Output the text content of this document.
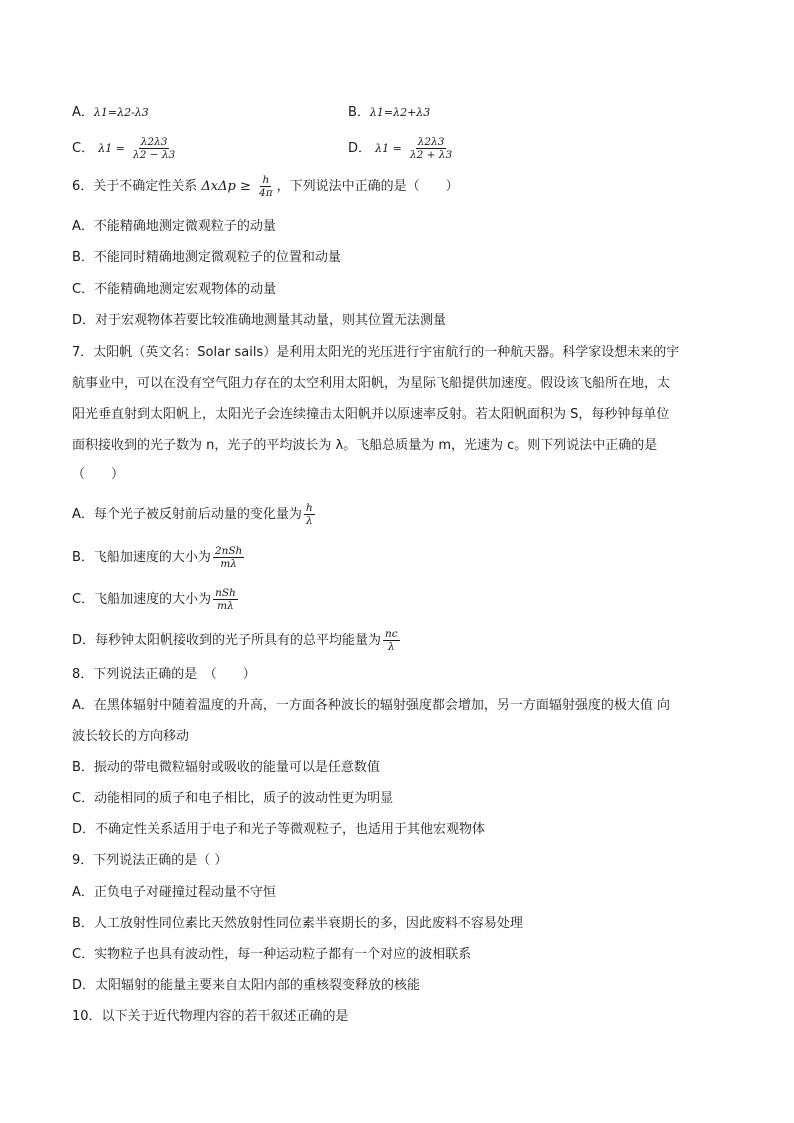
A．λ1=λ2-λ3	B．λ1=λ2+λ3
C． $\lambda 1 = \frac{\lambda 2\lambda 3}{\lambda 2 - \lambda 3}$	D． $\lambda 1 = \frac{\lambda 2\lambda 3}{\lambda 2 + \lambda 3}$
6．关于不确定性关系 $\Delta x\Delta p \ge \frac{h}{4\pi}$ ，下列说法中正确的是（　　）
A．不能精确地测定微观粒子的动量
B．不能同时精确地测定微观粒子的位置和动量
C．不能精确地测定宏观物体的动量
D．对于宏观物体若要比较准确地测量其动量，则其位置无法测量
7．太阳帆（英文名：Solar sails）是利用太阳光的光压进行宇宙航行的一种航天器。科学家设想未来的宇
航事业中，可以在没有空气阻力存在的太空利用太阳帆，为星际飞船提供加速度。假设该飞船所在地，太
阳光垂直射到太阳帆上，太阳光子会连续撞击太阳帆并以原速率反射。若太阳帆面积为 S，每秒钟每单位
面积接收到的光子数为 n，光子的平均波长为 λ。飞船总质量为 m，光速为 c。则下列说法中正确的是
（　　）
A．每个光子被反射前后动量的变化量为 $\frac{h}{\lambda}$
B．飞船加速度的大小为 $\frac{\text{2nSh}}{m\lambda}$
C．飞船加速度的大小为 $\frac{\text{nSh}}{m\lambda}$
D．每秒钟太阳帆接收到的光子所具有的总平均能量为 $\frac{nc}{\lambda}$
8．下列说法正确的是　（　　）
A．在黑体辐射中随着温度的升高，一方面各种波长的辐射强度都会增加，另一方面辐射强度的极大值 向
波长较长的方向移动
B．振动的带电微粒辐射或吸收的能量可以是任意数值
C．动能相同的质子和电子相比，质子的波动性更为明显
D．不确定性关系适用于电子和光子等微观粒子，也适用于其他宏观物体
9．下列说法正确的是（ ）
A．正负电子对碰撞过程动量不守恒
B．人工放射性同位素比天然放射性同位素半衰期长的多，因此废料不容易处理
C．实物粒子也具有波动性，每一种运动粒子都有一个对应的波相联系
D．太阳辐射的能量主要来自太阳内部的重核裂变释放的核能
10．以下关于近代物理内容的若干叙述正确的是
